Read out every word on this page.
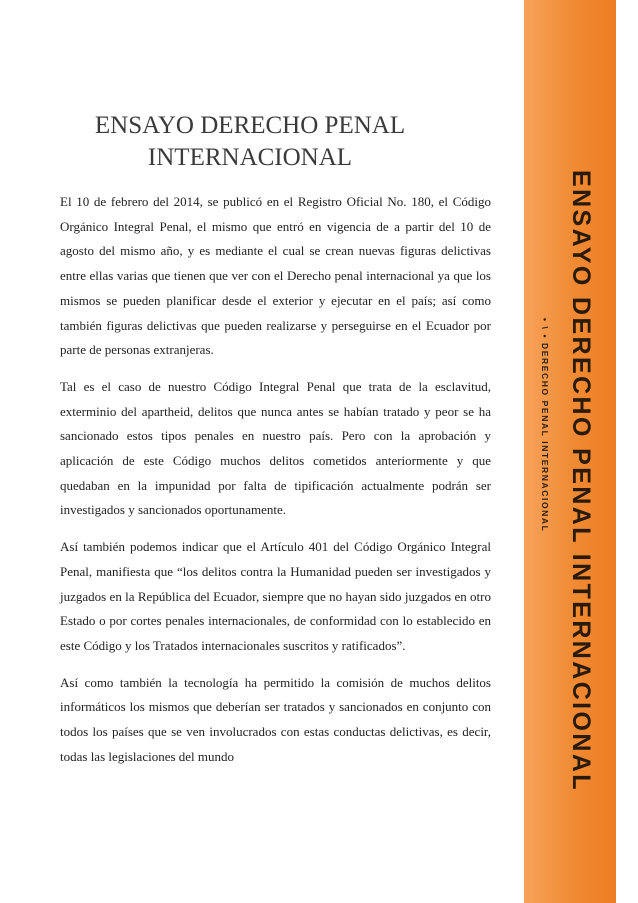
ENSAYO DERECHO PENAL INTERNACIONAL

El 10 de febrero del 2014, se publicó en el Registro Oficial No. 180, el Código Orgánico Integral Penal, el mismo que entró en vigencia de a partir del 10 de agosto del mismo año, y es mediante el cual se crean nuevas figuras delictivas entre ellas varias que tienen que ver con el Derecho penal internacional ya que los mismos se pueden planificar desde el exterior y ejecutar en el país; así como también figuras delictivas que pueden realizarse y perseguirse en el Ecuador por parte de personas extranjeras.

Tal es el caso de nuestro Código Integral Penal que trata de la esclavitud, exterminio del apartheid, delitos que nunca antes se habían tratado y peor se ha sancionado estos tipos penales en nuestro país. Pero con la aprobación y aplicación de este Código muchos delitos cometidos anteriormente y que quedaban en la impunidad por falta de tipificación actualmente podrán ser investigados y sancionados oportunamente.

Así también podemos indicar que el Artículo 401 del Código Orgánico Integral Penal, manifiesta que “los delitos contra la Humanidad pueden ser investigados y juzgados en la República del Ecuador, siempre que no hayan sido juzgados en otro Estado o por cortes penales internacionales, de conformidad con lo establecido en este Código y los Tratados internacionales suscritos y ratificados”.

Así como también la tecnología ha permitido la comisión de muchos delitos informáticos los mismos que deberían ser tratados y sancionados en conjunto con todos los países que se ven involucrados con estas conductas delictivas, es decir, todas las legislaciones del mundo	ENSAYO DERECHO PENAL INTERNACIONAL
• \ • DERECHO PENAL INTERNACIONAL
